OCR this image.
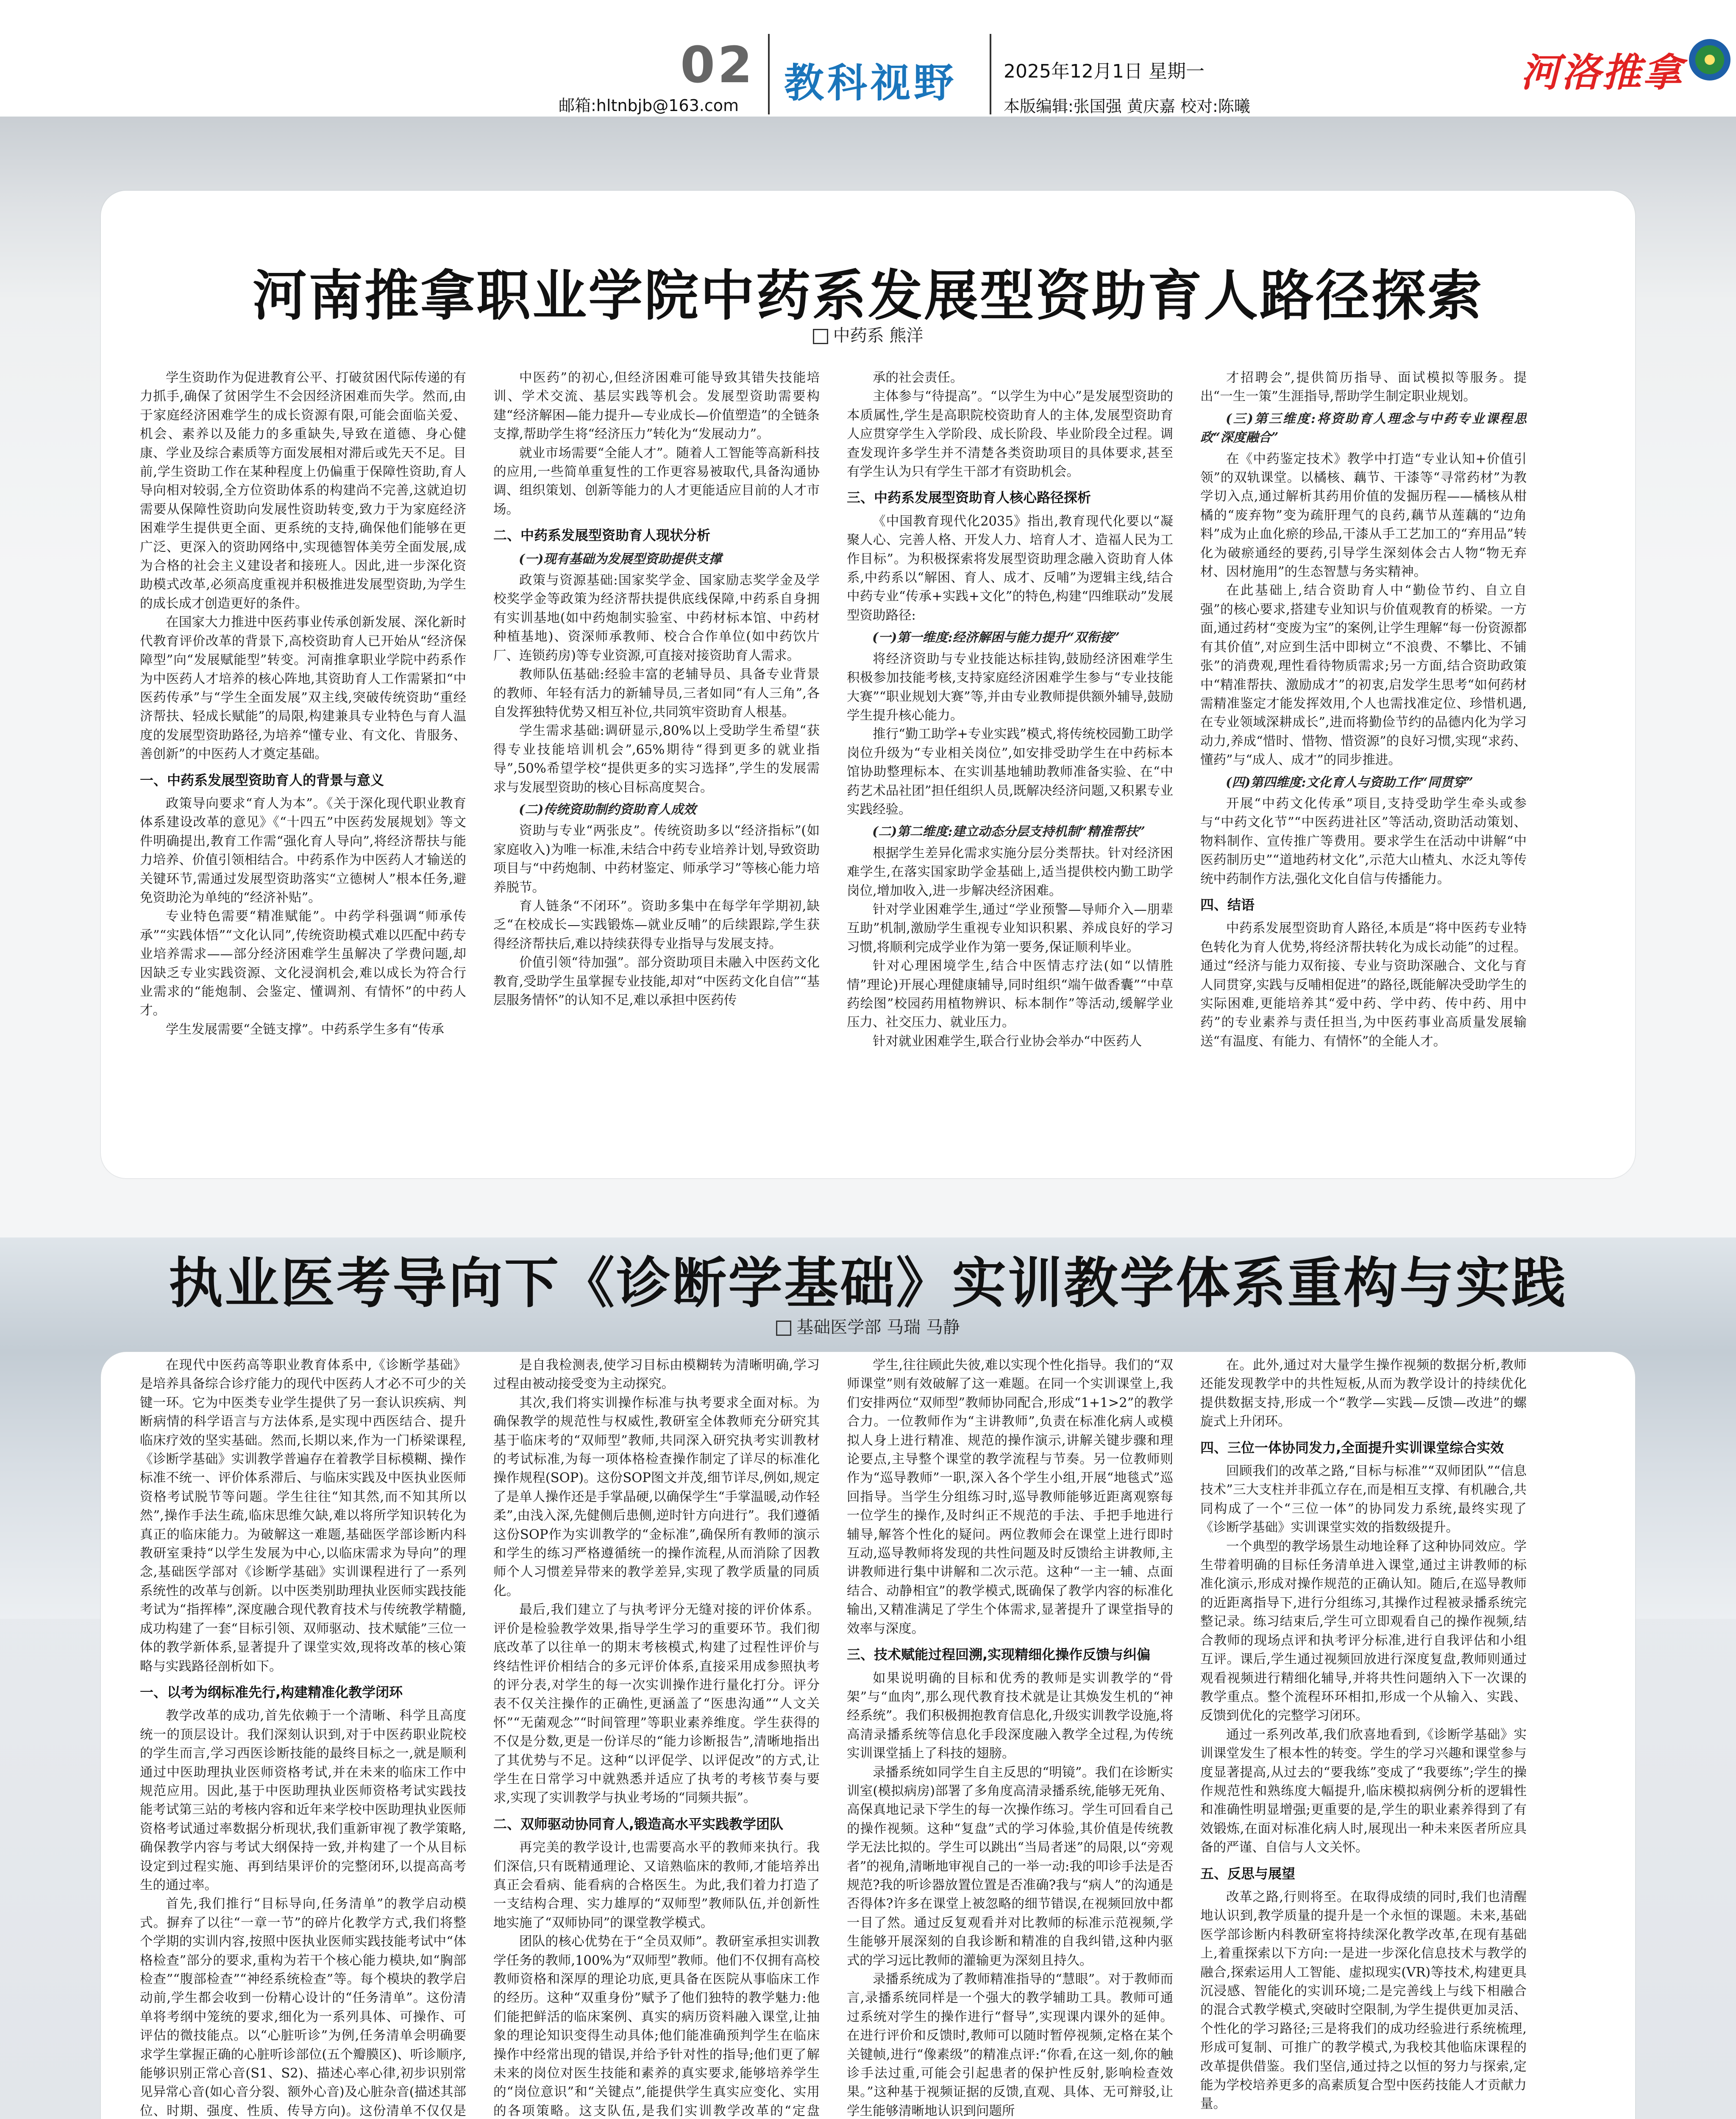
02
邮箱:hltnbjb@163.com 教科视野 2025年12月1日 星期一
本版编辑:张国强 黄庆嘉 校对:陈曦
河洛推拿
河南推拿职业学院中药系发展型资助育人路径探索
中药系 熊洋

学生资助作为促进教育公平、打破贫困代际传递的有力抓手,确保了贫困学生不会因经济困难而失学。然而,由于家庭经济困难学生的成长资源有限,可能会面临关爱、机会、素养以及能力的多重缺失,导致在道德、身心健康、学业及综合素质等方面发展相对滞后或先天不足。目前,学生资助工作在某种程度上仍偏重于保障性资助,育人导向相对较弱,全方位资助体系的构建尚不完善,这就迫切需要从保障性资助向发展性资助转变,致力于为家庭经济困难学生提供更全面、更系统的支持,确保他们能够在更广泛、更深入的资助网络中,实现德智体美劳全面发展,成为合格的社会主义建设者和接班人。因此,进一步深化资助模式改革,必须高度重视并积极推进发展型资助,为学生的成长成才创造更好的条件。

在国家大力推进中医药事业传承创新发展、深化新时代教育评价改革的背景下,高校资助育人已开始从“经济保障型”向“发展赋能型”转变。河南推拿职业学院中药系作为中医药人才培养的核心阵地,其资助育人工作需紧扣“中医药传承”与“学生全面发展”双主线,突破传统资助“重经济帮扶、轻成长赋能”的局限,构建兼具专业特色与育人温度的发展型资助路径,为培养“懂专业、有文化、肯服务、善创新”的中医药人才奠定基础。

一、中药系发展型资助育人的背景与意义

政策导向要求“育人为本”。《关于深化现代职业教育体系建设改革的意见》《“十四五”中医药发展规划》等文件明确提出,教育工作需“强化育人导向”,将经济帮扶与能力培养、价值引领相结合。中药系作为中医药人才输送的关键环节,需通过发展型资助落实“立德树人”根本任务,避免资助沦为单纯的“经济补贴”。

专业特色需要“精准赋能”。中药学科强调“师承传承”“实践体悟”“文化认同”,传统资助模式难以匹配中药专业培养需求——部分经济困难学生虽解决了学费问题,却因缺乏专业实践资源、文化浸润机会,难以成长为符合行业需求的“能炮制、会鉴定、懂调剂、有情怀”的中药人才。

学生发展需要“全链支撑”。中药系学生多有“传承

中医药”的初心,但经济困难可能导致其错失技能培训、学术交流、基层实践等机会。发展型资助需要构建“经济解困—能力提升—专业成长—价值塑造”的全链条支撑,帮助学生将“经济压力”转化为“发展动力”。

就业市场需要“全能人才”。随着人工智能等高新科技的应用,一些简单重复性的工作更容易被取代,具备沟通协调、组织策划、创新等能力的人才更能适应目前的人才市场。

二、中药系发展型资助育人现状分析
(一)现有基础为发展型资助提供支撑

政策与资源基础:国家奖学金、国家励志奖学金及学校奖学金等政策为经济帮扶提供底线保障,中药系自身拥有实训基地(如中药炮制实验室、中药材标本馆、中药材种植基地)、资深师承教师、校合合作单位(如中药饮片厂、连锁药房)等专业资源,可直接对接资助育人需求。

教师队伍基础:经验丰富的老辅导员、具备专业背景的教师、年轻有活力的新辅导员,三者如同“有人三角”,各自发挥独特优势又相互补位,共同筑牢资助育人根基。

学生需求基础:调研显示,80%以上受助学生希望“获得专业技能培训机会”,65%期待“得到更多的就业指导”,50%希望学校“提供更多的实习选择”,学生的发展需求与发展型资助的核心目标高度契合。

(二)传统资助制约资助育人成效

资助与专业“两张皮”。传统资助多以“经济指标”(如家庭收入)为唯一标准,未结合中药专业培养计划,导致资助项目与“中药炮制、中药材鉴定、师承学习”等核心能力培养脱节。

育人链条“不闭环”。资助多集中在每学年学期初,缺乏“在校成长—实践锻炼—就业反哺”的后续跟踪,学生获得经济帮扶后,难以持续获得专业指导与发展支持。

价值引领“待加强”。部分资助项目未融入中医药文化教育,受助学生虽掌握专业技能,却对“中医药文化自信”“基层服务情怀”的认知不足,难以承担中医药传

承的社会责任。

主体参与“待提高”。“以学生为中心”是发展型资助的本质属性,学生是高职院校资助育人的主体,发展型资助育人应贯穿学生入学阶段、成长阶段、毕业阶段全过程。调查发现许多学生并不清楚各类资助项目的具体要求,甚至有学生认为只有学生干部才有资助机会。

三、中药系发展型资助育人核心路径探析

《中国教育现代化2035》指出,教育现代化要以“凝聚人心、完善人格、开发人力、培育人才、造福人民为工作目标”。为积极探索将发展型资助理念融入资助育人体系,中药系以“解困、育人、成才、反哺”为逻辑主线,结合中药专业“传承+实践+文化”的特色,构建“四维联动”发展型资助路径:

(一)第一维度:经济解困与能力提升“双衔接”

将经济资助与专业技能达标挂钩,鼓励经济困难学生积极参加技能考核,支持家庭经济困难学生参与“专业技能大赛”“职业规划大赛”等,并由专业教师提供额外辅导,鼓励学生提升核心能力。

推行“勤工助学+专业实践”模式,将传统校园勤工助学岗位升级为“专业相关岗位”,如安排受助学生在中药标本馆协助整理标本、在实训基地辅助教师准备实验、在“中药艺术品社团”担任组织人员,既解决经济问题,又积累专业实践经验。

(二)第二维度:建立动态分层支持机制“精准帮扶”

根据学生差异化需求实施分层分类帮扶。针对经济困难学生,在落实国家助学金基础上,适当提供校内勤工助学岗位,增加收入,进一步解决经济困难。

针对学业困难学生,通过“学业预警—导师介入—朋辈互助”机制,激励学生重视专业知识积累、养成良好的学习习惯,将顺利完成学业作为第一要务,保证顺利毕业。

针对心理困境学生,结合中医情志疗法(如“以情胜情”理论)开展心理健康辅导,同时组织“端午做香囊”“中草药绘图”校园药用植物辨识、标本制作”等活动,缓解学业压力、社交压力、就业压力。

针对就业困难学生,联合行业协会举办“中医药人

才招聘会”,提供简历指导、面试模拟等服务。提出“一生一策”生涯指导,帮助学生制定职业规划。

(三)第三维度:将资助育人理念与中药专业课程思政“深度融合”

在《中药鉴定技术》教学中打造“专业认知+价值引领”的双轨课堂。以橘核、藕节、干漆等“寻常药材”为教学切入点,通过解析其药用价值的发掘历程——橘核从柑橘的“废弃物”变为疏肝理气的良药,藕节从莲藕的“边角料”成为止血化瘀的珍品,干漆从手工艺加工的“弃用品”转化为破瘀通经的要药,引导学生深刻体会古人物“物无弃材、因材施用”的生态智慧与务实精神。

在此基础上,结合资助育人中“勤俭节约、自立自强”的核心要求,搭建专业知识与价值观教育的桥梁。一方面,通过药材“变废为宝”的案例,让学生理解“每一份资源都有其价值”,对应到生活中即树立“不浪费、不攀比、不铺张”的消费观,理性看待物质需求;另一方面,结合资助政策中“精准帮扶、激励成才”的初衷,启发学生思考“如何药材需精准鉴定才能发挥效用,个人也需找准定位、珍惜机遇,在专业领域深耕成长”,进而将勤俭节约的品德内化为学习动力,养成“惜时、惜物、惜资源”的良好习惯,实现“求药、懂药”与“成人、成才”的同步推进。

(四)第四维度:文化育人与资助工作“同贯穿”

开展“中药文化传承”项目,支持受助学生牵头或参与“中药文化节”“中医药进社区”等活动,资助活动策划、物料制作、宣传推广等费用。要求学生在活动中讲解“中医药制历史”“道地药材文化”,示范大山楂丸、水泛丸等传统中药制作方法,强化文化自信与传播能力。

四、结语

中药系发展型资助育人路径,本质是“将中医药专业特色转化为育人优势,将经济帮扶转化为成长动能”的过程。通过“经济与能力双衔接、专业与资助深融合、文化与育人同贯穿,实践与反哺相促进”的路径,既能解决受助学生的实际困难,更能培养其“爱中药、学中药、传中药、用中药”的专业素养与责任担当,为中医药事业高质量发展输送“有温度、有能力、有情怀”的全能人才。

执业医考导向下《诊断学基础》实训教学体系重构与实践
基础医学部 马瑞 马静

在现代中医药高等职业教育体系中,《诊断学基础》是培养具备综合诊疗能力的现代中医药人才必不可少的关键一环。它为中医类专业学生提供了另一套认识疾病、判断病情的科学语言与方法体系,是实现中西医结合、提升临床疗效的坚实基础。然而,长期以来,作为一门桥梁课程,《诊断学基础》实训教学普遍存在着教学目标模糊、操作标准不统一、评价体系滞后、与临床实践及中医执业医师资格考试脱节等问题。学生往往“知其然,而不知其所以然”,操作手法生疏,临床思维欠缺,难以将所学知识转化为真正的临床能力。为破解这一难题,基础医学部诊断内科教研室秉持“以学生发展为中心,以临床需求为导向”的理念,基础医学部对《诊断学基础》实训课程进行了一系列系统性的改革与创新。以中医类别助理执业医师实践技能考试为“指挥棒”,深度融合现代教育技术与传统教学精髓,成功构建了一套“目标引领、双师驱动、技术赋能”三位一体的教学新体系,显著提升了课堂实效,现将改革的核心策略与实践路径剖析如下。

一、以考为纲标准先行,构建精准化教学闭环

教学改革的成功,首先依赖于一个清晰、科学且高度统一的顶层设计。我们深刻认识到,对于中医药职业院校的学生而言,学习西医诊断技能的最终目标之一,就是顺利通过中医助理执业医师资格考试,并在未来的临床工作中规范应用。因此,基于中医助理执业医师资格考试实践技能考试第三站的考核内容和近年来学校中医助理执业医师资格考试通过率数据分析现状,我们重新审视了教学策略,确保教学内容与考试大纲保持一致,并构建了一个从目标设定到过程实施、再到结果评价的完整闭环,以提高高考生的通过率。

首先,我们推行“目标导向,任务清单”的教学启动模式。摒弃了以往“一章一节”的碎片化教学方式,我们将整个学期的实训内容,按照中医执业医师实践技能考试中“体格检查”部分的要求,重构为若干个核心能力模块,如“胸部检查”“腹部检查”“神经系统检查”等。每个模块的教学启动前,学生都会收到一份精心设计的“任务清单”。这份清单将考纲中笼统的要求,细化为一系列具体、可操作、可评估的微技能点。以“心脏听诊”为例,任务清单会明确要求学生掌握正确的心脏听诊部位(五个瓣膜区)、听诊顺序,能够识别正常心音(S1、S2)、描述心率心律,初步识别常见异常心音(如心音分裂、额外心音)及心脏杂音(描述其部位、时期、强度、性质、传导方向)。这份清单不仅仅是

是自我检测表,使学习目标由模糊转为清晰明确,学习过程由被动接受变为主动探究。

其次,我们将实训操作标准与执考要求全面对标。为确保教学的规范性与权威性,教研室全体教师充分研究其基于临床考的“双师型”教师,共同深入研究执考实训教材的考试标准,为每一项体格检查操作制定了详尽的标准化操作规程(SOP)。这份SOP图文并茂,细节详尽,例如,规定了是单人操作还是手掌晶硬,以确保学生“手掌温暖,动作轻柔”,由浅入深,先健侧后患侧,逆时针方向进行”。我们遵循这份SOP作为实训教学的“金标准”,确保所有教师的演示和学生的练习严格遵循统一的操作流程,从而消除了因教师个人习惯差异带来的教学差异,实现了教学质量的同质化。

最后,我们建立了与执考评分无缝对接的评价体系。评价是检验教学效果,指导学生学习的重要环节。我们彻底改革了以往单一的期末考核模式,构建了过程性评价与终结性评价相结合的多元评价体系,直接采用成参照执考的评分表,对学生的每一次实训操作进行量化打分。评分表不仅关注操作的正确性,更涵盖了“医患沟通”“人文关怀”“无菌观念”“时间管理”等职业素养维度。学生获得的不仅是分数,更是一份详尽的“能力诊断报告”,清晰地指出了其优势与不足。这种“以评促学、以评促改”的方式,让学生在日常学习中就熟悉并适应了执考的考核节奏与要求,实现了实训教学与执业考场的“同频共振”。

二、双师驱动协同育人,锻造高水平实践教学团队

再完美的教学设计,也需要高水平的教师来执行。我们深信,只有既精通理论、又谙熟临床的教师,才能培养出真正会看病、能看病的合格医生。为此,我们着力打造了一支结构合理、实力雄厚的“双师型”教师队伍,并创新性地实施了“双师协同”的课堂教学模式。

团队的核心优势在于“全员双师”。教研室承担实训教学任务的教师,100%为“双师型”教师。他们不仅拥有高校教师资格和深厚的理论功底,更具备在医院从事临床工作的经历。这种“双重身份”赋予了他们独特的教学魅力:他们能把鲜活的临床案例、真实的病历资料融入课堂,让抽象的理论知识变得生动具体;他们能准确预判学生在临床操作中经常出现的错误,并给予针对性的指导;他们更了解未来的岗位对医生技能和素养的真实要求,能够培养学生的“岗位意识”和“关键点”,能提供学生真实应变化、实用的各项策略。这支队伍,是我们实训教学改革的“定盘

学生,往往顾此失彼,难以实现个性化指导。我们的“双师课堂”则有效破解了这一难题。在同一个实训课堂上,我们安排两位“双师型”教师协同配合,形成“1+1>2”的教学合力。一位教师作为“主讲教师”,负责在标准化病人或模拟人身上进行精准、规范的操作演示,讲解关键步骤和理论要点,主导整个课堂的教学流程与节奏。另一位教师则作为“巡导教师”一职,深入各个学生小组,开展“地毯式”巡回指导。当学生分组练习时,巡导教师能够近距离观察每一位学生的操作,及时纠正不规范的手法、手把手地进行辅导,解答个性化的疑问。两位教师会在课堂上进行即时互动,巡导教师将发现的共性问题及时反馈给主讲教师,主讲教师进行集中讲解和二次示范。这种“一主一辅、点面结合、动静相宜”的教学模式,既确保了教学内容的标准化输出,又精准满足了学生个体需求,显著提升了课堂指导的效率与深度。

三、技术赋能过程回溯,实现精细化操作反馈与纠偏

如果说明确的目标和优秀的教师是实训教学的“骨架”与“血肉”,那么现代教育技术就是让其焕发生机的“神经系统”。我们积极拥抱教育信息化,升级实训教学设施,将高清录播系统等信息化手段深度融入教学全过程,为传统实训课堂插上了科技的翅膀。

录播系统如同学生自主反思的“明镜”。我们在诊断实训室(模拟病房)部署了多角度高清录播系统,能够无死角、高保真地记录下学生的每一次操作练习。学生可回看自己的操作视频。这种“复盘”式的学习体验,其价值是传统教学无法比拟的。学生可以跳出“当局者迷”的局限,以“旁观者”的视角,清晰地审视自己的一举一动:我的叩诊手法是否规范?我的听诊器放置位置是否准确?我与“病人”的沟通是否得体?许多在课堂上被忽略的细节错误,在视频回放中都一目了然。通过反复观看并对比教师的标准示范视频,学生能够开展深刻的自我诊断和精准的自我纠错,这种内驱式的学习远比教师的灌输更为深刻且持久。

录播系统成为了教师精准指导的“慧眼”。对于教师而言,录播系统同样是一个强大的教学辅助工具。教师可通过系统对学生的操作进行“督导”,实现课内课外的延伸。在进行评价和反馈时,教师可以随时暂停视频,定格在某个关键帧,进行“像素级”的精准点评:“你看,在这一刻,你的触诊手法过重,可能会引起患者的保护性反射,影响检查效果。”这种基于视频证据的反馈,直观、具体、无可辩驳,让学生能够清晰地认识到问题所

在。此外,通过对大量学生操作视频的数据分析,教师还能发现教学中的共性短板,从而为教学设计的持续优化提供数据支持,形成一个“教学—实践—反馈—改进”的螺旋式上升闭环。

四、三位一体协同发力,全面提升实训课堂综合实效

回顾我们的改革之路,“目标与标准”“双师团队”“信息技术”三大支柱并非孤立存在,而是相互支撑、有机融合,共同构成了一个“三位一体”的协同发力系统,最终实现了《诊断学基础》实训课堂实效的指数级提升。

一个典型的教学场景生动地诠释了这种协同效应。学生带着明确的目标任务清单进入课堂,通过主讲教师的标准化演示,形成对操作规范的正确认知。随后,在巡导教师的近距离指导下,进行分组练习,其操作过程被录播系统完整记录。练习结束后,学生可立即观看自己的操作视频,结合教师的现场点评和执考评分标准,进行自我评估和小组互评。课后,学生通过视频回放进行深度复盘,教师则通过观看视频进行精细化辅导,并将共性问题纳入下一次课的教学重点。整个流程环环相扣,形成一个从输入、实践、反馈到优化的完整学习闭环。

通过一系列改革,我们欣喜地看到,《诊断学基础》实训课堂发生了根本性的转变。学生的学习兴趣和课堂参与度显著提高,从过去的“要我练”变成了“我要练”;学生的操作规范性和熟练度大幅提升,临床模拟病例分析的逻辑性和准确性明显增强;更重要的是,学生的职业素养得到了有效锻炼,在面对标准化病人时,展现出一种未来医者所应具备的严谨、自信与人文关怀。

五、反思与展望

改革之路,行则将至。在取得成绩的同时,我们也清醒地认识到,教学质量的提升是一个永恒的课题。未来,基础医学部诊断内科教研室将持续深化教学改革,在现有基础上,着重探索以下方向:一是进一步深化信息技术与教学的融合,探索运用人工智能、虚拟现实(VR)等技术,构建更具沉浸感、智能化的实训环境;二是完善线上与线下相融合的混合式教学模式,突破时空限制,为学生提供更加灵活、个性化的学习路径;三是将我们的成功经验进行系统梳理,形成可复制、可推广的教学模式,为我校其他临床课程的改革提供借鉴。我们坚信,通过持之以恒的努力与探索,定能为学校培养更多的高素质复合型中医药技能人才贡献力量。
